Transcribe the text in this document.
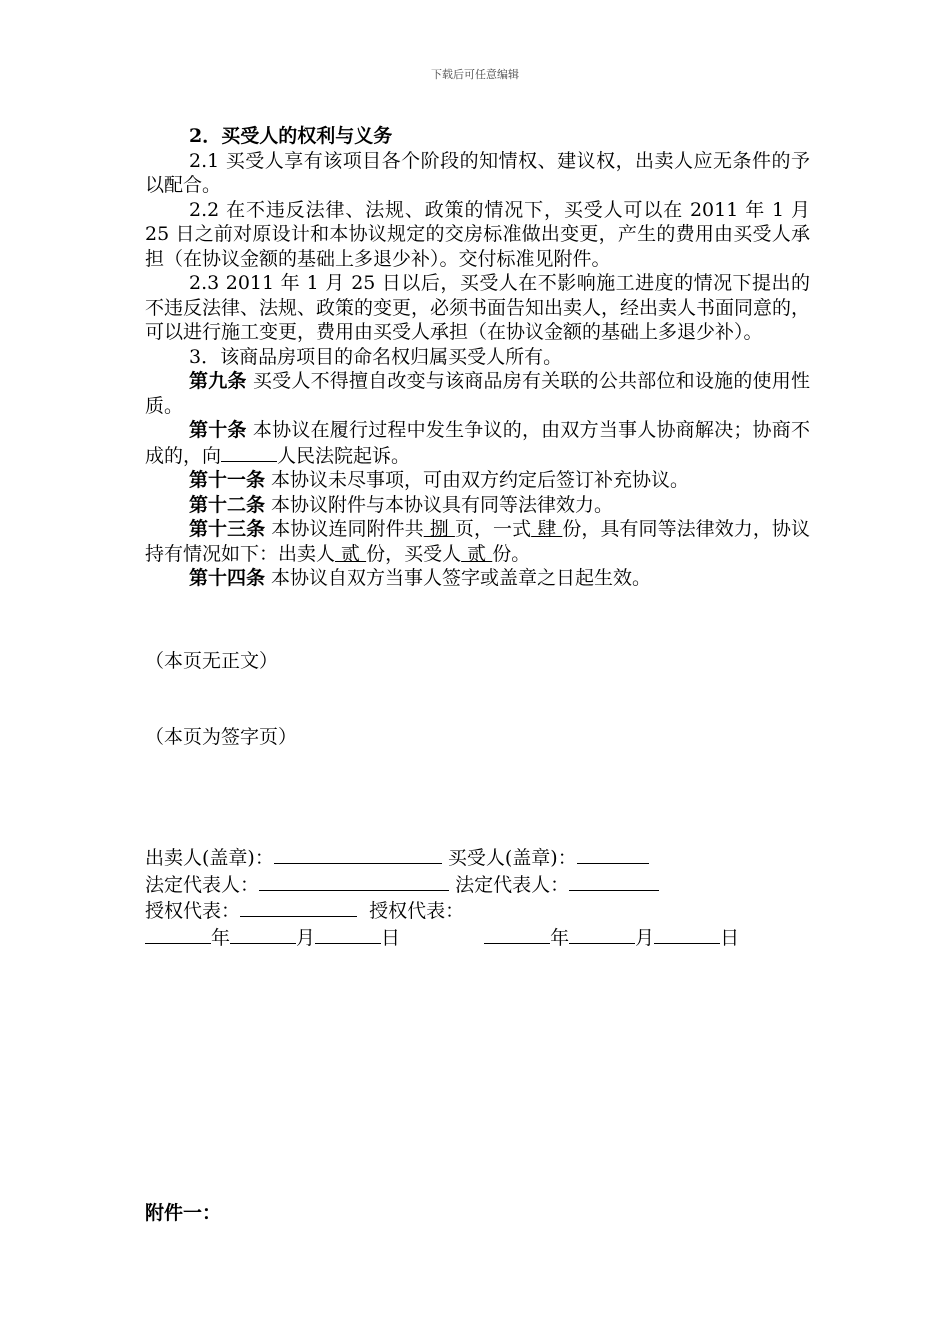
下载后可任意编辑

2．买受人的权利与义务

2.1 买受人享有该项目各个阶段的知情权、建议权，出卖人应无条件的予以配合。

2.2 在不违反法律、法规、政策的情况下，买受人可以在 2011 年 1 月 25 日之前对原设计和本协议规定的交房标准做出变更，产生的费用由买受人承担（在协议金额的基础上多退少补）。交付标准见附件。

2.3 2011 年 1 月 25 日以后，买受人在不影响施工进度的情况下提出的不违反法律、法规、政策的变更，必须书面告知出卖人，经出卖人书面同意的，可以进行施工变更，费用由买受人承担（在协议金额的基础上多退少补）。

3．该商品房项目的命名权归属买受人所有。

第九条 买受人不得擅自改变与该商品房有关联的公共部位和设施的使用性质。

第十条 本协议在履行过程中发生争议的，由双方当事人协商解决；协商不成的，向	人民法院起诉。

第十一条 本协议未尽事项，可由双方约定后签订补充协议。

第十二条 本协议附件与本协议具有同等法律效力。

第十三条 本协议连同附件共 捌 页，一式 肆 份，具有同等法律效力，协议持有情况如下：出卖人 贰 份，买受人 贰 份。

第十四条 本协议自双方当事人签字或盖章之日起生效。

（本页无正文）
（本页为签字页）
出卖人(盖章)：	买受人(盖章)：
法定代表人：	法定代表人：
授权代表：	授权代表：
年	月	日	年	月	日
附件一：
